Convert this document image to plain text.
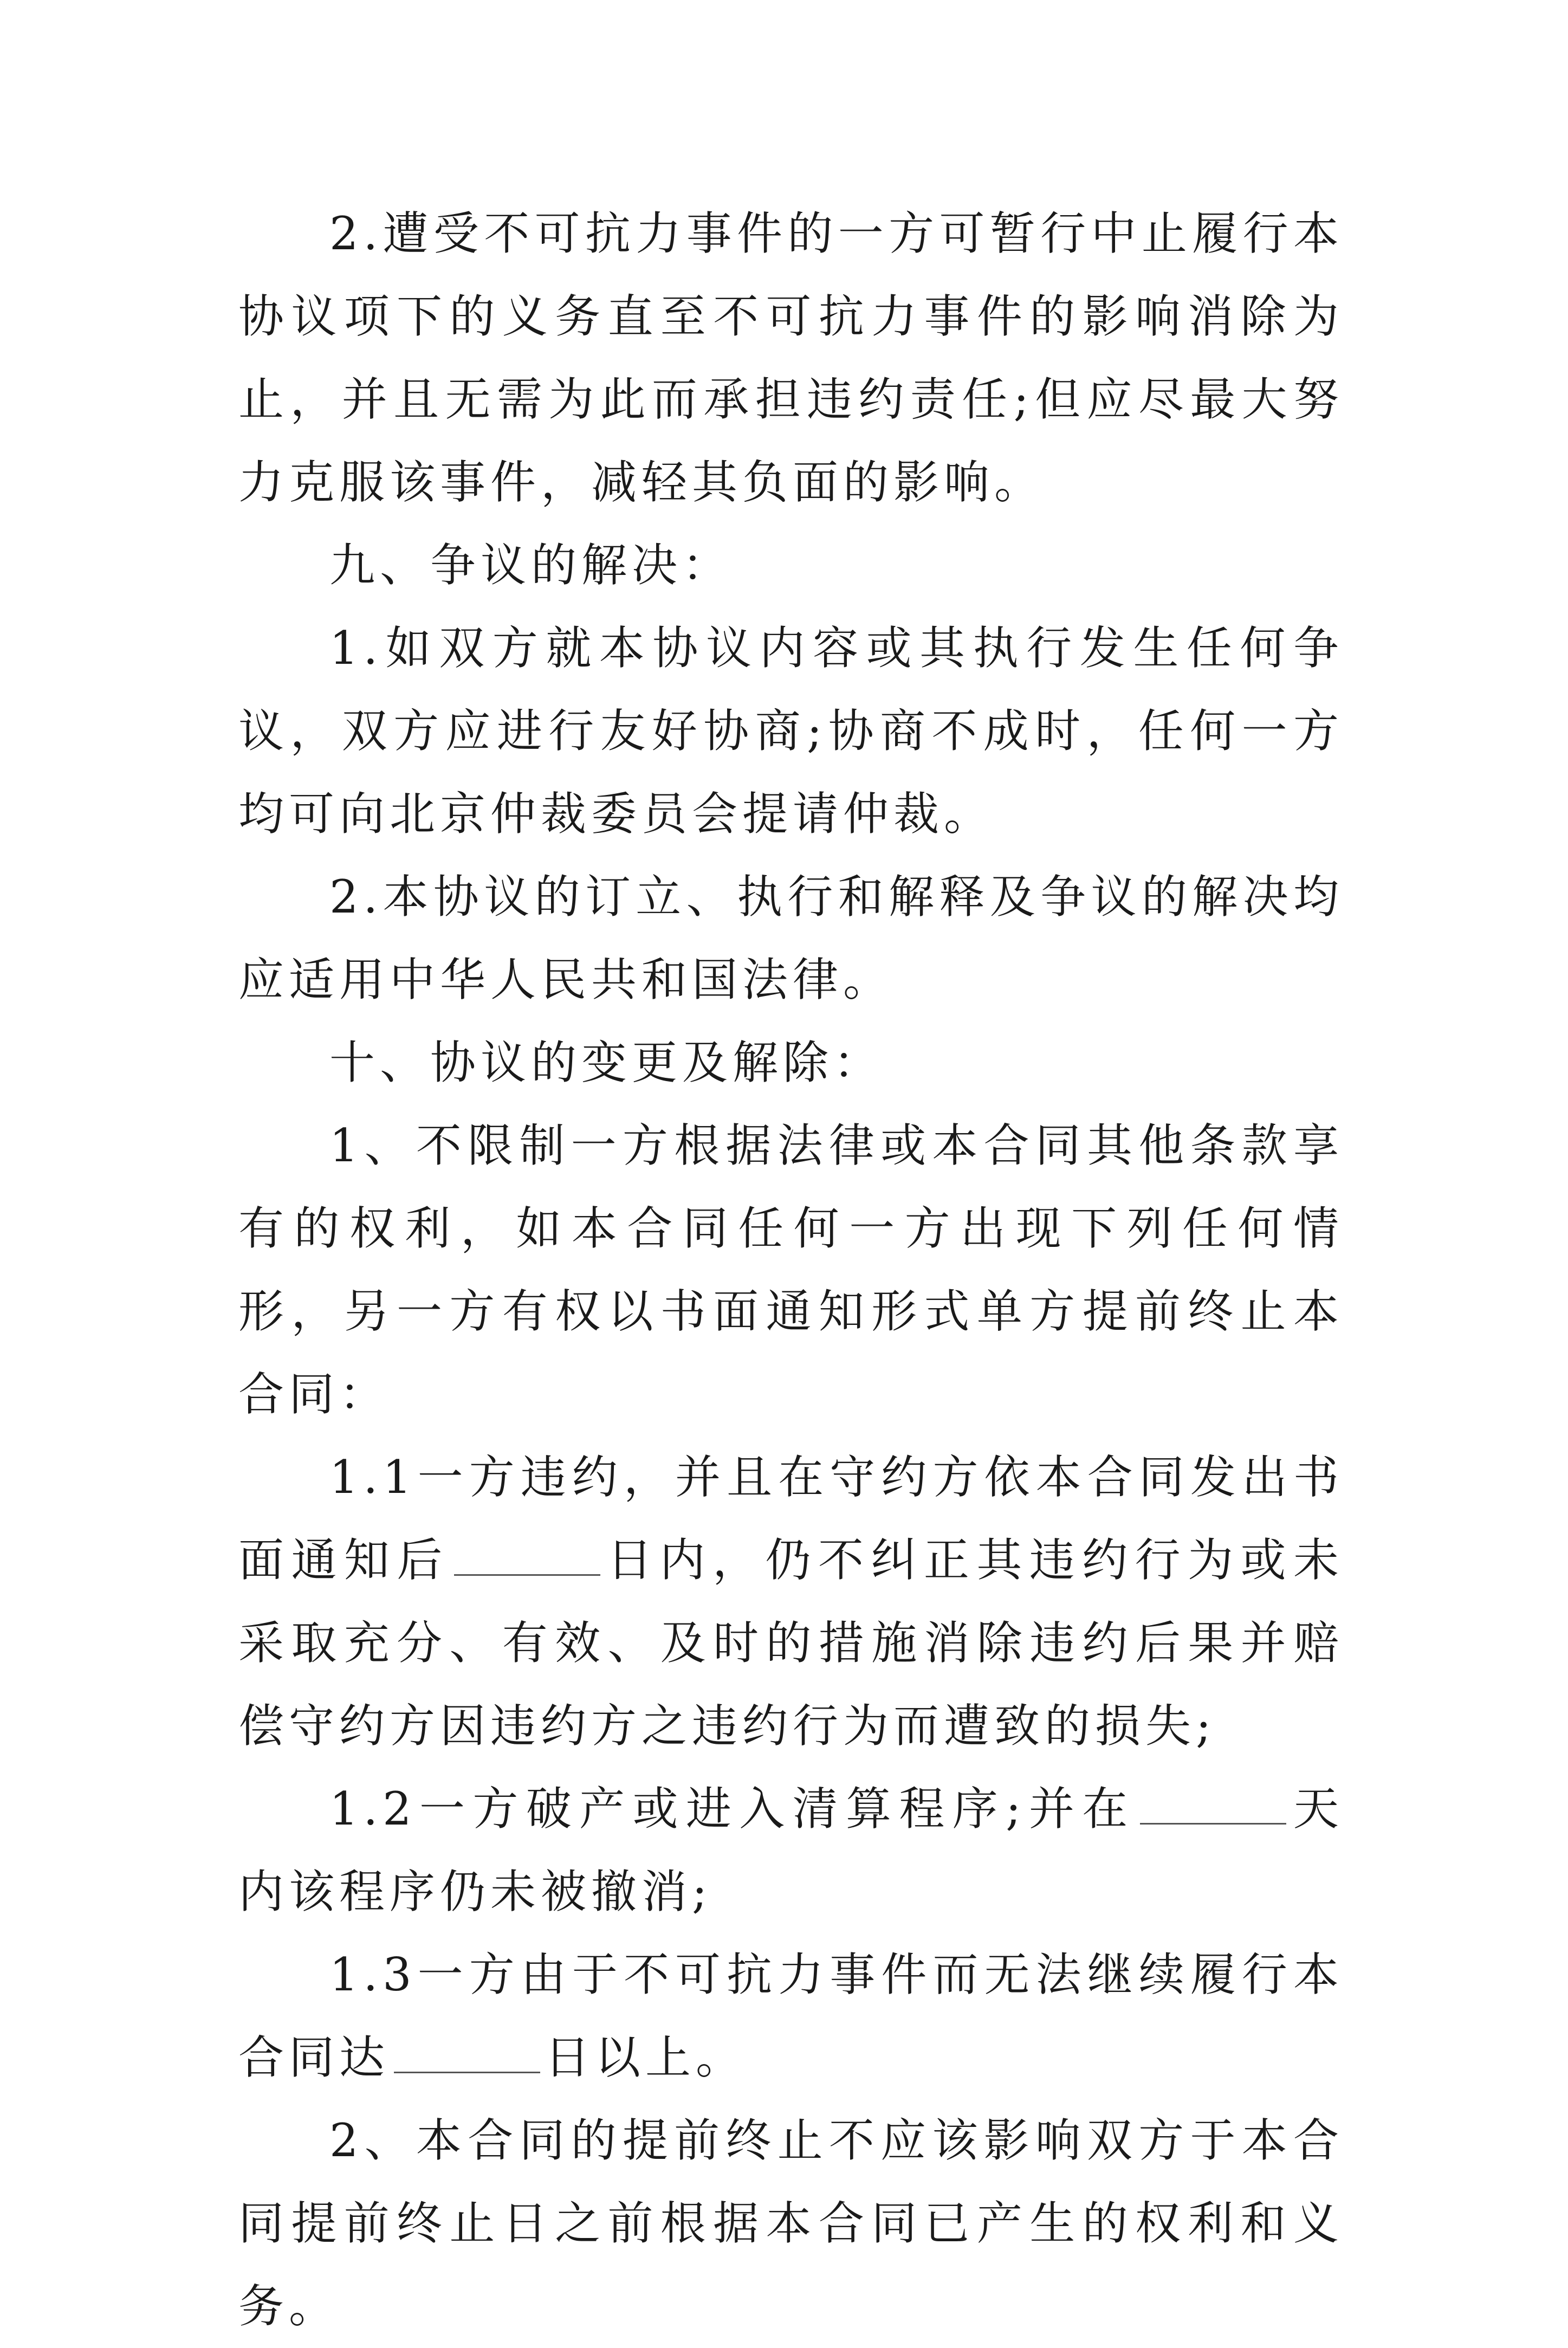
2.遭受不可抗力事件的一方可暂行中止履行本协议项下的义务直至不可抗力事件的影响消除为止，并且无需为此而承担违约责任;但应尽最大努力克服该事件，减轻其负面的影响。

九、争议的解决：

1.如双方就本协议内容或其执行发生任何争议，双方应进行友好协商;协商不成时，任何一方均可向北京仲裁委员会提请仲裁。

2.本协议的订立、执行和解释及争议的解决均应适用中华人民共和国法律。

十、协议的变更及解除：

1、不限制一方根据法律或本合同其他条款享有的权利，如本合同任何一方出现下列任何情形，另一方有权以书面通知形式单方提前终止本合同：

1.1一方违约，并且在守约方依本合同发出书面通知后	日内，仍不纠正其违约行为或未采取充分、有效、及时的措施消除违约后果并赔偿守约方因违约方之违约行为而遭致的损失;

1.2一方破产或进入清算程序;并在	天内该程序仍未被撤消;

1.3一方由于不可抗力事件而无法继续履行本合同达	日以上。

2、本合同的提前终止不应该影响双方于本合同提前终止日之前根据本合同已产生的权利和义务。
